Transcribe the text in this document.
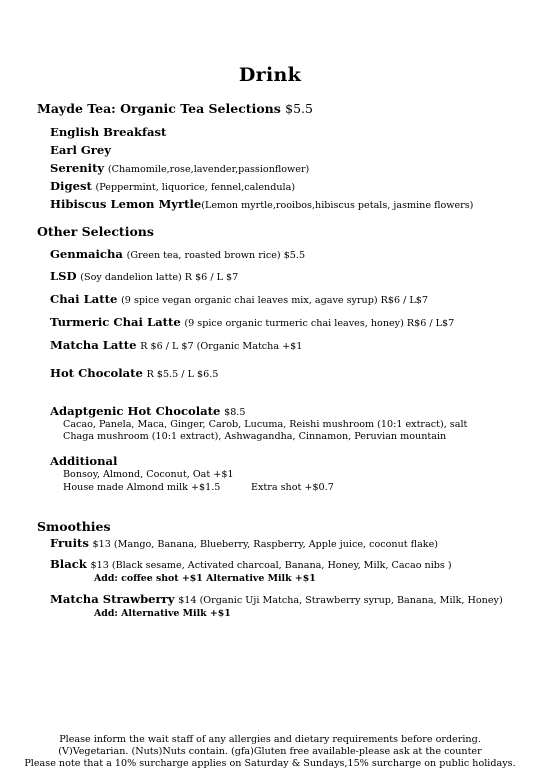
Drink
Mayde Tea: Organic Tea Selections $5.5
English Breakfast
Earl Grey
Serenity (Chamomile,rose,lavender,passionflower)
Digest (Peppermint, liquorice, fennel,calendula)
Hibiscus Lemon Myrtle(Lemon myrtle,rooibos,hibiscus petals, jasmine flowers)
Other Selections
Genmaicha (Green tea, roasted brown rice) $5.5
LSD (Soy dandelion latte) R $6 / L $7
Chai Latte (9 spice vegan organic chai leaves mix, agave syrup) R$6 / L$7
Turmeric Chai Latte (9 spice organic turmeric chai leaves, honey) R$6 / L$7
Matcha Latte R $6 / L $7 (Organic Matcha +$1
Hot Chocolate R $5.5 / L $6.5
Adaptgenic Hot Chocolate $8.5
Cacao, Panela, Maca, Ginger, Carob, Lucuma, Reishi mushroom (10:1 extract), salt
Chaga mushroom (10:1 extract), Ashwagandha, Cinnamon, Peruvian mountain
Additional
Bonsoy, Almond, Coconut, Oat +$1
House made Almond milk +$1.5	Extra shot +$0.7
Smoothies
Fruits $13 (Mango, Banana, Blueberry, Raspberry, Apple juice, coconut flake)
Black $13 (Black sesame, Activated charcoal, Banana, Honey, Milk, Cacao nibs )
Add: coffee shot +$1 Alternative Milk +$1
Matcha Strawberry $14 (Organic Uji Matcha, Strawberry syrup, Banana, Milk, Honey)
Add: Alternative Milk +$1
Please inform the wait staff of any allergies and dietary requirements before ordering.
(V)Vegetarian. (Nuts)Nuts contain. (gfa)Gluten free available-please ask at the counter
Please note that a 10% surcharge applies on Saturday & Sundays,15% surcharge on public holidays.
